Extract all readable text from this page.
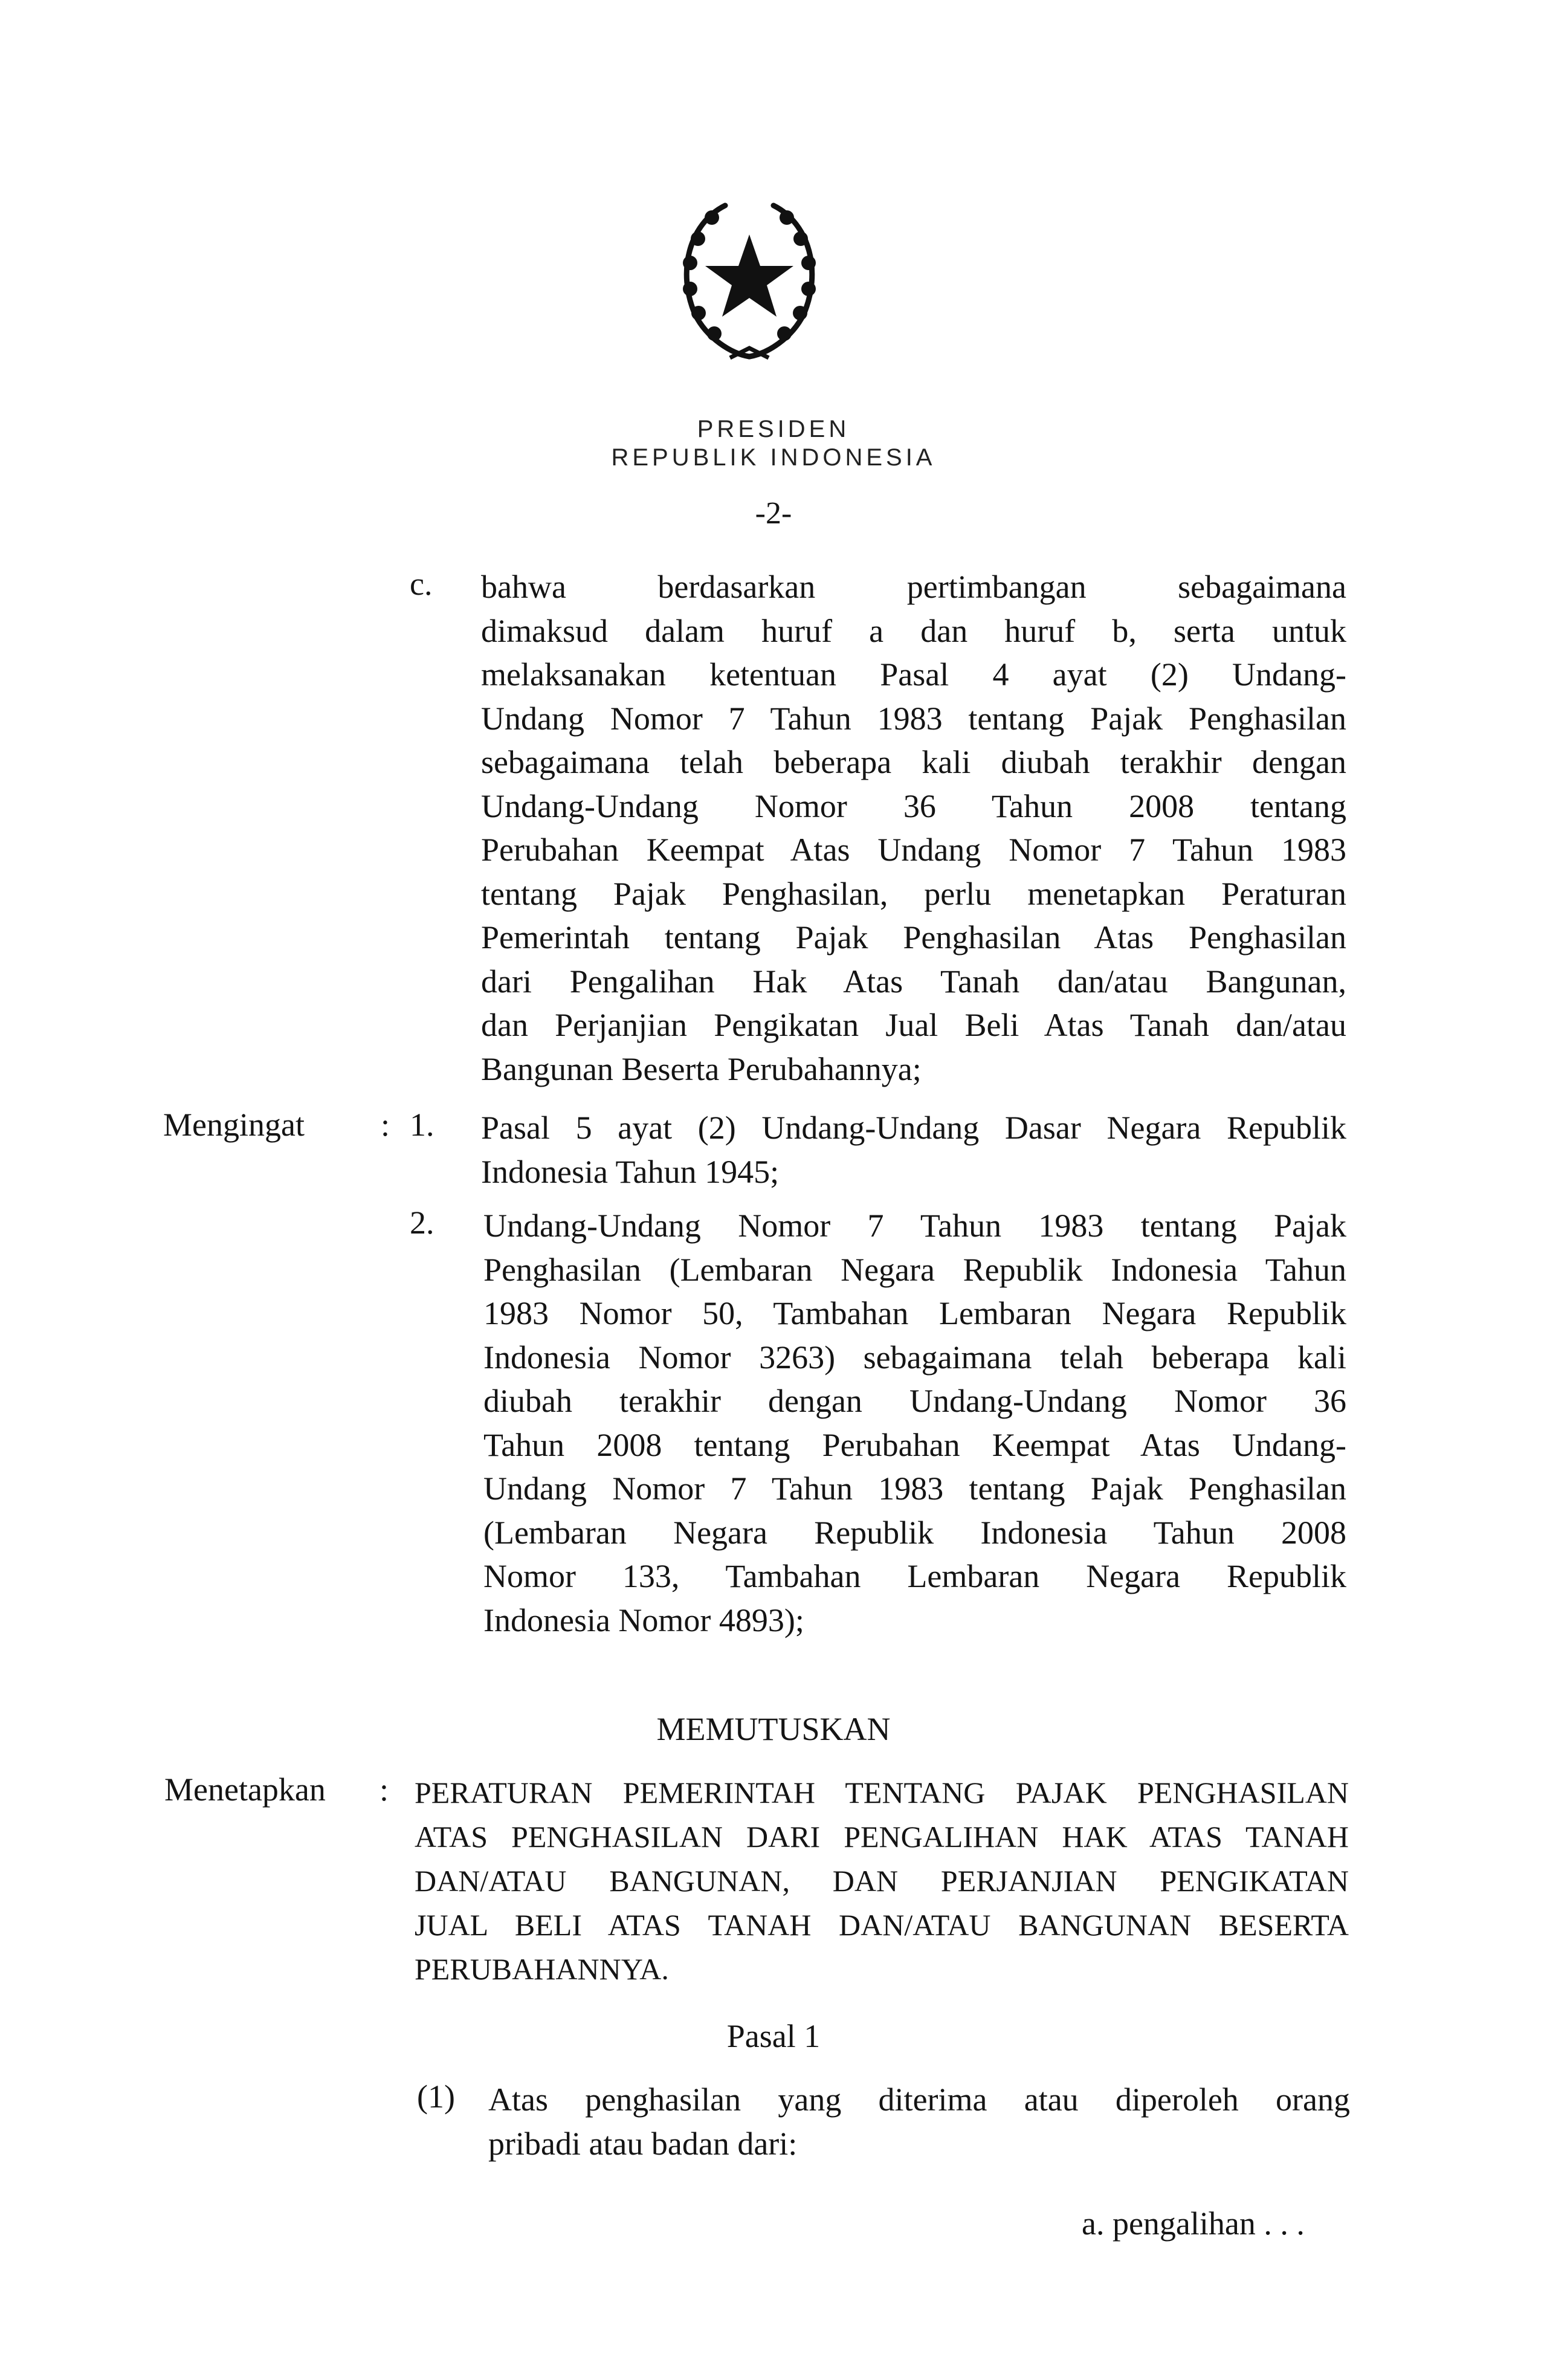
PRESIDEN
REPUBLIK INDONESIA
-2-
c. bahwa berdasarkan pertimbangan sebagaimana
dimaksud dalam huruf a dan huruf b, serta untuk
melaksanakan ketentuan Pasal 4 ayat (2) Undang-
Undang Nomor 7 Tahun 1983 tentang Pajak Penghasilan
sebagaimana telah beberapa kali diubah terakhir dengan
Undang-Undang Nomor 36 Tahun 2008 tentang
Perubahan Keempat Atas Undang Nomor 7 Tahun 1983
tentang Pajak Penghasilan, perlu menetapkan Peraturan
Pemerintah tentang Pajak Penghasilan Atas Penghasilan
dari Pengalihan Hak Atas Tanah dan/atau Bangunan,
dan Perjanjian Pengikatan Jual Beli Atas Tanah dan/atau
Bangunan Beserta Perubahannya;
Mengingat : 1. Pasal 5 ayat (2) Undang-Undang Dasar Negara Republik
Indonesia Tahun 1945;
2. Undang-Undang Nomor 7 Tahun 1983 tentang Pajak
Penghasilan (Lembaran Negara Republik Indonesia Tahun
1983 Nomor 50, Tambahan Lembaran Negara Republik
Indonesia Nomor 3263) sebagaimana telah beberapa kali
diubah terakhir dengan Undang-Undang Nomor 36
Tahun 2008 tentang Perubahan Keempat Atas Undang-
Undang Nomor 7 Tahun 1983 tentang Pajak Penghasilan
(Lembaran Negara Republik Indonesia Tahun 2008
Nomor 133, Tambahan Lembaran Negara Republik
Indonesia Nomor 4893);
MEMUTUSKAN
Menetapkan : PERATURAN PEMERINTAH TENTANG PAJAK PENGHASILAN
ATAS PENGHASILAN DARI PENGALIHAN HAK ATAS TANAH
DAN/ATAU BANGUNAN, DAN PERJANJIAN PENGIKATAN
JUAL BELI ATAS TANAH DAN/ATAU BANGUNAN BESERTA
PERUBAHANNYA.
Pasal 1
(1) Atas penghasilan yang diterima atau diperoleh orang
pribadi atau badan dari:
a. pengalihan . . .
